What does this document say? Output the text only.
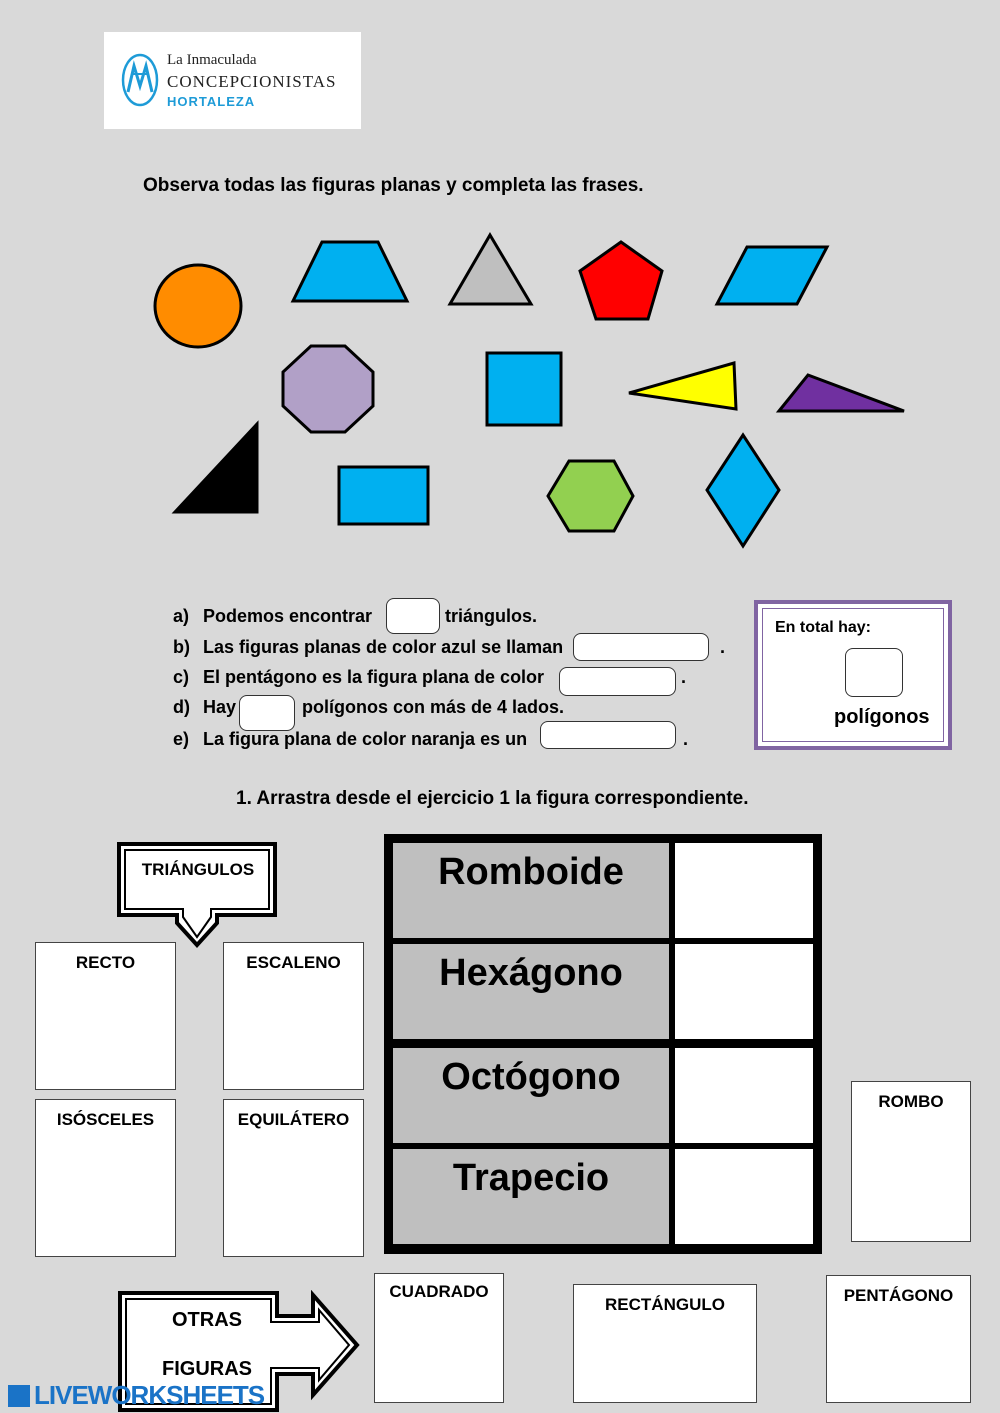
La Inmaculada
CONCEPCIONISTAS
HORTALEZA
Observa todas las figuras planas y completa las frases.
a) Podemos encontrar	triángulos.
b) Las figuras planas de color azul se llaman	.
c) El pentágono es la figura plana de color	.
d) Hay	polígonos con más de 4 lados.
e) La figura plana de color naranja es un	.
En total hay:
polígonos
1. Arrastra desde el ejercicio 1 la figura correspondiente.
TRIÁNGULOS
RECTO	ESCALENO
ISÓSCELES	EQUILÁTERO
Romboide
Hexágono
Octógono
Trapecio
ROMBO
CUADRADO
RECTÁNGULO	PENTÁGONO
OTRAS
FIGURAS
LIVEWORKSHEETS
